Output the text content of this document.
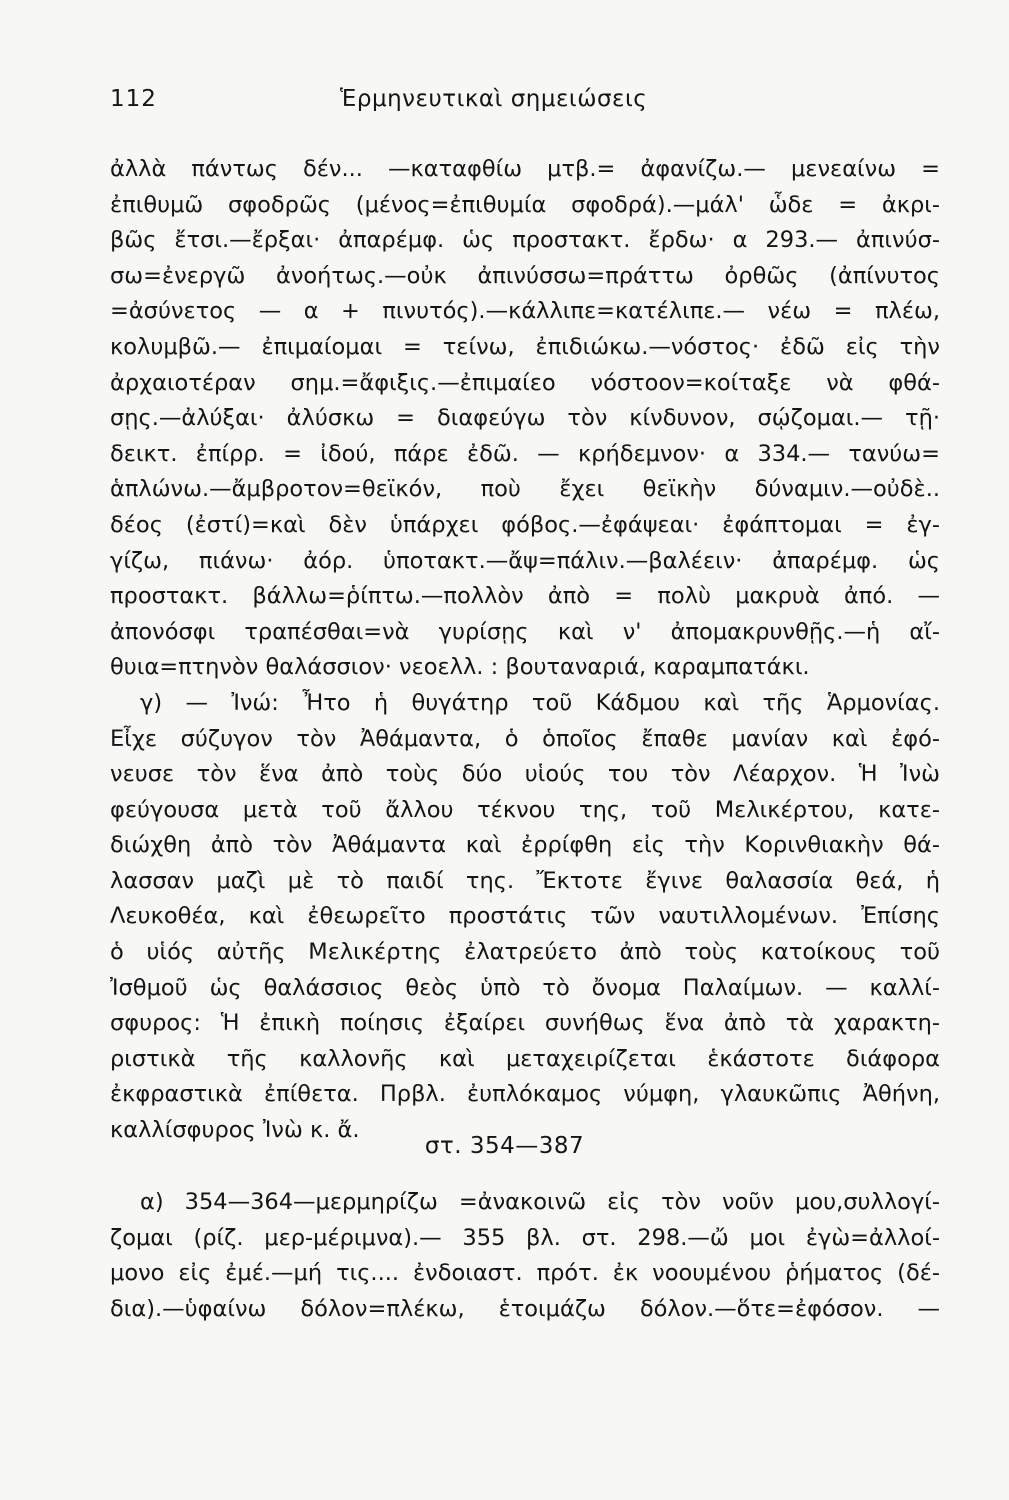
112	Ἑρμηνευτικαὶ σημειώσεις
ἀλλὰ πάντως δέν... —καταφθίω μτβ.= ἀφανίζω.— μενεαίνω =
ἐπιθυμῶ σφοδρῶς (μένος=ἐπιθυμία σφοδρά).—μάλ' ὧδε = ἀκρι-
βῶς ἔτσι.—ἔρξαι· ἀπαρέμφ. ὡς προστακτ. ἔρδω· α 293.— ἀπινύσ-
σω=ἐνεργῶ ἀνοήτως.—οὐκ ἀπινύσσω=πράττω ὀρθῶς (ἀπίνυτος
=ἀσύνετος — α + πινυτός).—κάλλιπε=κατέλιπε.— νέω = πλέω,
κολυμβῶ.— ἐπιμαίομαι = τείνω, ἐπιδιώκω.—νόστος· ἐδῶ εἰς τὴν
ἀρχαιοτέραν σημ.=ἄφιξις.—ἐπιμαίεο νόστοον=κοίταξε νὰ φθά-
σῃς.—ἀλύξαι· ἀλύσκω = διαφεύγω τὸν κίνδυνον, σῴζομαι.— τῇ·
δεικτ. ἐπίρρ. = ἰδού, πάρε ἐδῶ. — κρήδεμνον· α 334.— τανύω=
ἁπλώνω.—ἄμβροτον=θεϊκόν, ποὺ ἔχει θεϊκὴν δύναμιν.—οὐδὲ..
δέος (ἐστί)=καὶ δὲν ὑπάρχει φόβος.—ἐφάψεαι· ἐφάπτομαι = ἐγ-
γίζω, πιάνω· ἀόρ. ὑποτακτ.—ἄψ=πάλιν.—βαλέειν· ἀπαρέμφ. ὡς
προστακτ. βάλλω=ῥίπτω.—πολλὸν ἀπὸ = πολὺ μακρυὰ ἀπό. —
ἀπονόσφι τραπέσθαι=νὰ γυρίσῃς καὶ ν' ἀπομακρυνθῇς.—ἡ αἴ-
θυια=πτηνὸν θαλάσσιον· νεοελλ. : βουταναριά, καραμπατάκι.
γ) — Ἰνώ: Ἦτο ἡ θυγάτηρ τοῦ Κάδμου καὶ τῆς Ἁρμονίας.
Εἶχε σύζυγον τὸν Ἀθάμαντα, ὁ ὁποῖος ἔπαθε μανίαν καὶ ἐφό-
νευσε τὸν ἕνα ἀπὸ τοὺς δύο υἱούς του τὸν Λέαρχον. Ἡ Ἰνὼ
φεύγουσα μετὰ τοῦ ἄλλου τέκνου της, τοῦ Μελικέρτου, κατε-
διώχθη ἀπὸ τὸν Ἀθάμαντα καὶ ἐρρίφθη εἰς τὴν Κορινθιακὴν θά-
λασσαν μαζὶ μὲ τὸ παιδί της. Ἔκτοτε ἔγινε θαλασσία θεά, ἡ
Λευκοθέα, καὶ ἐθεωρεῖτο προστάτις τῶν ναυτιλλομένων. Ἐπίσης
ὁ υἱός αὐτῆς Μελικέρτης ἐλατρεύετο ἀπὸ τοὺς κατοίκους τοῦ
Ἰσθμοῦ ὡς θαλάσσιος θεὸς ὑπὸ τὸ ὄνομα Παλαίμων. — καλλί-
σφυρος: Ἡ ἐπικὴ ποίησις ἐξαίρει συνήθως ἕνα ἀπὸ τὰ χαρακτη-
ριστικὰ τῆς καλλονῆς καὶ μεταχειρίζεται ἑκάστοτε διάφορα
ἐκφραστικὰ ἐπίθετα. Πρβλ. ἐυπλόκαμος νύμφη, γλαυκῶπις Ἀθήνη,
καλλίσφυρος Ἰνὼ κ. ἄ.
στ. 354—387
α) 354—364—μερμηρίζω =ἀνακοινῶ εἰς τὸν νοῦν μου,συλλογί-
ζομαι (ρίζ. μερ-μέριμνα).— 355 βλ. στ. 298.—ὤ μοι ἐγὼ=ἀλλοί-
μονο εἰς ἐμέ.—μή τις.... ἐνδοιαστ. πρότ. ἐκ νοουμένου ῥήματος (δέ-
δια).—ὑφαίνω δόλον=πλέκω, ἑτοιμάζω δόλον.—ὅτε=ἐφόσον. —
